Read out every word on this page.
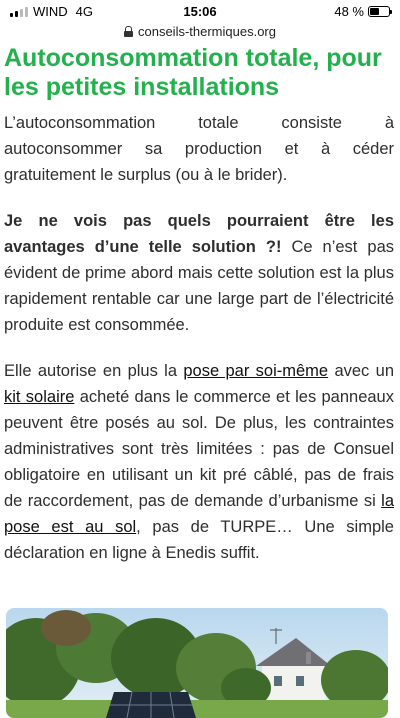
WIND 4G	15:06	48 %
conseils-thermiques.org
Autoconsommation totale, pour les petites installations

L’autoconsommation totale consiste à autoconsommer sa production et à céder gratuitement le surplus (ou à le brider).

Je ne vois pas quels pourraient être les avantages d’une telle solution ?! Ce n’est pas évident de prime abord mais cette solution est la plus rapidement rentable car une large part de l’électricité produite est consommée.

Elle autorise en plus la pose par soi-même avec un kit solaire acheté dans le commerce et les panneaux peuvent être posés au sol. De plus, les contraintes administratives sont très limitées : pas de Consuel obligatoire en utilisant un kit pré câblé, pas de frais de raccordement, pas de demande d’urbanisme si la pose est au sol, pas de TURPE… Une simple déclaration en ligne à Enedis suffit.
